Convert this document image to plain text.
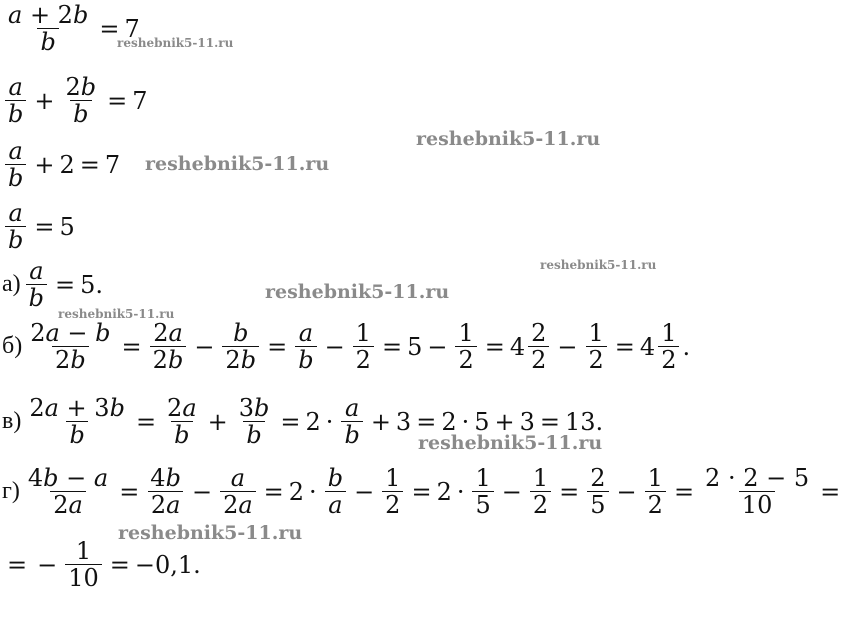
$\frac{a + 2b}{b} = 7$
$\frac{a}{b} + \frac{2b}{b} = 7$
$\frac{a}{b} + 2 = 7$
$\frac{a}{b} = 5$
$а) \frac{a}{b} = 5$.
$б) \frac{2a - b}{2b} = \frac{2a}{2b} - \frac{b}{2b} = \frac{a}{b} - \frac{1}{2} = 5 - \frac{1}{2} = 4 \frac{2}{2} - \frac{1}{2} = 4 \frac{1}{2}$ .
$в) \frac{2a + 3b}{b} = \frac{2a}{b} + \frac{3b}{b} = 2 \cdot \frac{a}{b} + 3 = 2 \cdot 5 + 3 = 13$.
$г) \frac{4b - a}{2a} = \frac{4b}{2a} - \frac{a}{2a} = 2 \cdot \frac{b}{a} - \frac{1}{2} = 2 \cdot \frac{1}{5} - \frac{1}{2} = \frac{2}{5} - \frac{1}{2} = \frac{2 \cdot 2 - 5}{10}$ =
= − $\frac{1}{10} = -0,1$.
reshebnik5-11.ru
reshebnik5-11.ru
reshebnik5-11.ru
reshebnik5-11.ru
reshebnik5-11.ru
reshebnik5-11.ru
reshebnik5-11.ru
reshebnik5-11.ru
